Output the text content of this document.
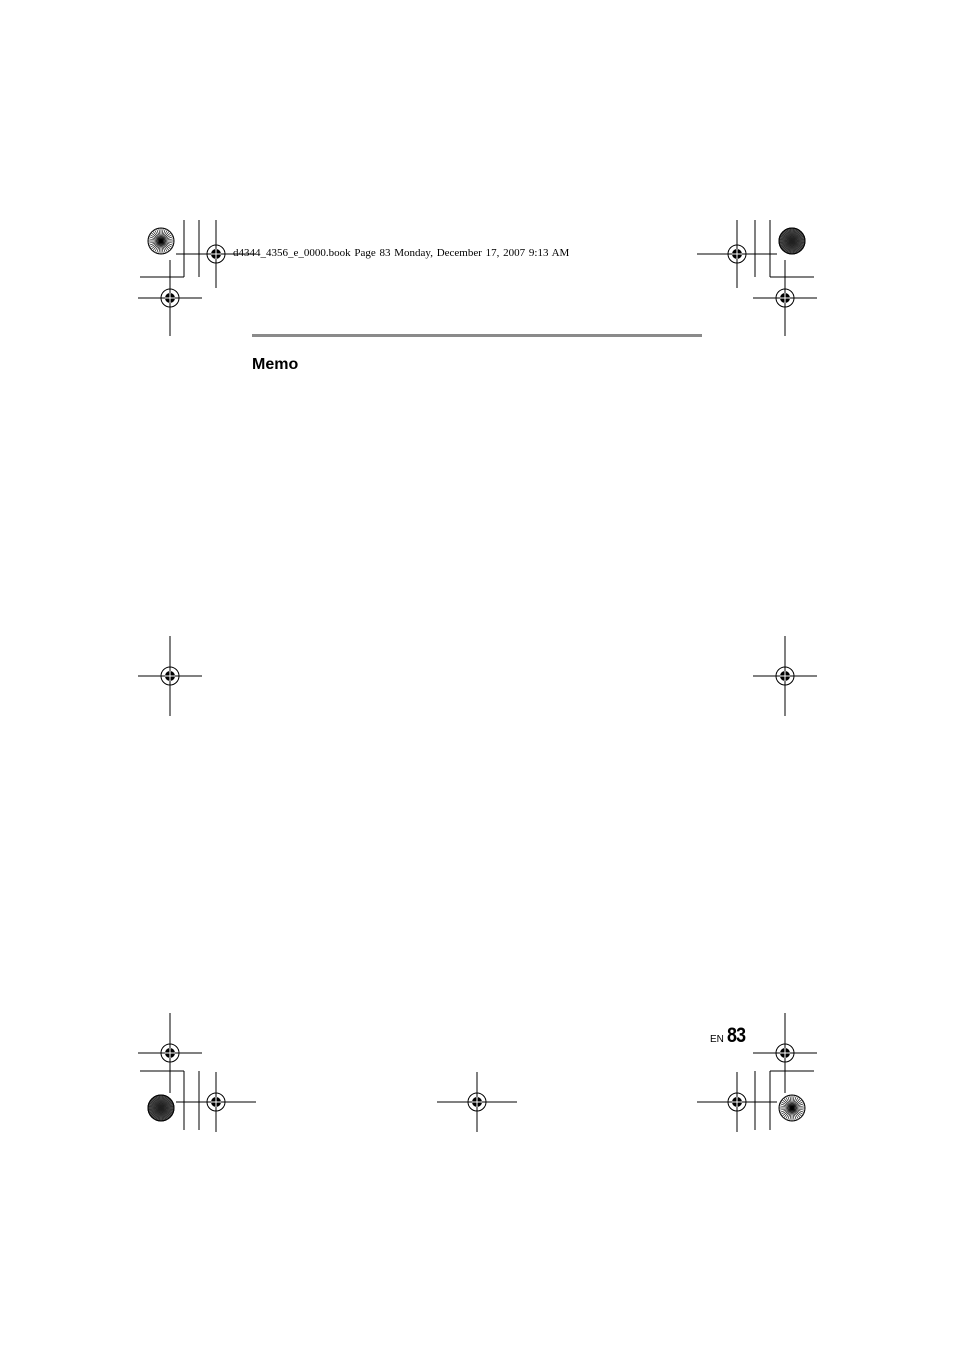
d4344_4356_e_0000.book Page 83 Monday, December 17, 2007 9:13 AM
Memo
EN 83
